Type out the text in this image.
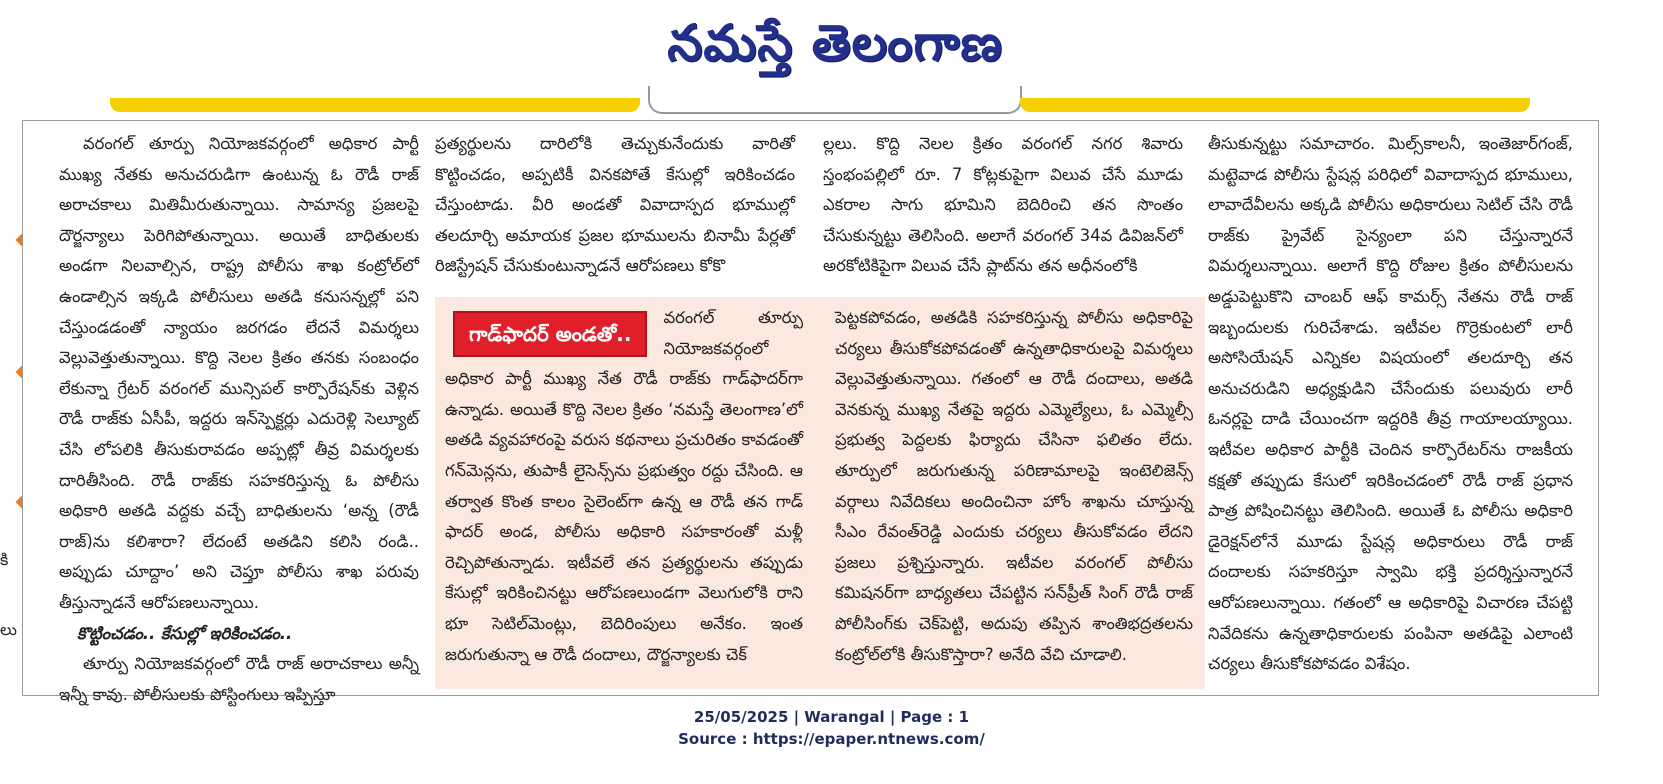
నమస్తే తెలంగాణ
కి
లు

వరంగల్‌ తూర్పు నియోజకవర్గంలో అధికార పార్టీ ముఖ్య నేతకు అనుచరుడిగా ఉంటున్న ఓ రౌడీ రాజ్‌ అరాచకాలు మితిమీరుతున్నాయి. సామాన్య ప్రజలపై దౌర్జన్యాలు పెరిగిపోతున్నాయి. అయితే బాధితులకు అండగా నిలవాల్సిన, రాష్ట్ర పోలీసు శాఖ కంట్రోల్‌లో ఉండాల్సిన ఇక్కడి పోలీసులు అతడి కనుసన్నల్లో పని చేస్తుండడంతో న్యాయం జరగడం లేదనే విమర్శలు వెల్లువెత్తుతున్నాయి. కొద్ది నెలల క్రితం తనకు సంబంధం లేకున్నా గ్రేటర్‌ వరంగల్‌ మున్సిపల్‌ కార్పొరేషన్‌కు వెళ్లిన రౌడీ రాజ్‌కు ఏసీపీ, ఇద్దరు ఇన్‌స్పెక్టర్లు ఎదురెళ్లి సెల్యూట్‌ చేసి లోపలికి తీసుకురావడం అప్పట్లో తీవ్ర విమర్శలకు దారితీసింది. రౌడీ రాజ్‌కు సహకరిస్తున్న ఓ పోలీసు అధికారి అతడి వద్దకు వచ్చే బాధితులను ‘అన్న (రౌడీ రాజ్‌)ను కలిశారా? లేదంటే అతడిని కలిసి రండి.. అప్పుడు చూద్దాం’ అని చెప్తూ పోలీసు శాఖ పరువు తీస్తున్నాడనే ఆరోపణలున్నాయి.

కొట్టించడం.. కేసుల్లో ఇరికించడం..

తూర్పు నియోజకవర్గంలో రౌడీ రాజ్‌ అరాచకాలు అన్నీ ఇన్నీ కావు. పోలీసులకు పోస్టింగులు ఇప్పిస్తూ

ప్రత్యర్థులను దారిలోకి తెచ్చుకునేందుకు వారితో కొట్టించడం, అప్పటికీ వినకపోతే కేసుల్లో ఇరికించడం చేస్తుంటాడు. వీరి అండతో వివాదాస్పద భూముల్లో తలదూర్చి అమాయక ప్రజల భూములను బినామీ పేర్లతో రిజిస్ట్రేషన్‌ చేసుకుంటున్నాడనే ఆరోపణలు కోకొ

ల్లలు. కొద్ది నెలల క్రితం వరంగల్‌ నగర శివారు స్తంభంపల్లిలో రూ. 7 కోట్లకుపైగా విలువ చేసే మూడు ఎకరాల సాగు భూమిని బెదిరించి తన సొంతం చేసుకున్నట్టు తెలిసింది. అలాగే వరంగల్‌ 34వ డివిజన్‌లో అరకోటికిపైగా విలువ చేసే ప్లాట్‌ను తన అధీనంలోకి

తీసుకున్నట్టు సమాచారం. మిల్స్‌కాలనీ, ఇంతెజార్‌గంజ్‌, మట్టెవాడ పోలీసు స్టేషన్ల పరిధిలో వివాదాస్పద భూములు, లావాదేవీలను అక్కడి పోలీసు అధికారులు సెటిల్‌ చేసి రౌడీ రాజ్‌కు ప్రైవేట్‌ సైన్యంలా పని చేస్తున్నారనే విమర్శలున్నాయి. అలాగే కొద్ది రోజుల క్రితం పోలీసులను అడ్డుపెట్టుకొని చాంబర్‌ ఆఫ్‌ కామర్స్‌ నేతను రౌడీ రాజ్‌ ఇబ్బందులకు గురిచేశాడు. ఇటీవల గొర్రెకుంటలో లారీ అసోసియేషన్‌ ఎన్నికల విషయంలో తలదూర్చి తన అనుచరుడిని అధ్యక్షుడిని చేసేందుకు పలువురు లారీ ఓనర్లపై దాడి చేయించగా ఇద్దరికి తీవ్ర గాయాలయ్యాయి. ఇటీవల అధికార పార్టీకి చెందిన కార్పొరేటర్‌ను రాజకీయ కక్షతో తప్పుడు కేసులో ఇరికించడంలో రౌడీ రాజ్‌ ప్రధాన పాత్ర పోషించినట్టు తెలిసింది. అయితే ఓ పోలీసు అధికారి డైరెక్షన్‌లోనే మూడు స్టేషన్ల అధికారులు రౌడీ రాజ్‌ దందాలకు సహకరిస్తూ స్వామి భక్తి ప్రదర్శిస్తున్నారనే ఆరోపణలున్నాయి. గతంలో ఆ అధికారిపై విచారణ చేపట్టి నివేదికను ఉన్నతాధికారులకు పంపినా అతడిపై ఎలాంటి చర్యలు తీసుకోకపోవడం విశేషం.

గాడ్‌ఫాదర్‌ అండతో..

వరంగల్‌ తూర్పు నియోజకవర్గంలో అధికార పార్టీ ముఖ్య నేత రౌడీ రాజ్‌కు గాడ్‌ఫాదర్‌గా ఉన్నాడు. అయితే కొద్ది నెలల క్రితం ‘నమస్తే తెలంగాణ’లో అతడి వ్యవహారంపై వరుస కథనాలు ప్రచురితం కావడంతో గన్‌మెన్లను, తుపాకీ లైసెన్స్‌ను ప్రభుత్వం రద్దు చేసింది. ఆ తర్వాత కొంత కాలం సైలెంట్‌గా ఉన్న ఆ రౌడీ తన గాడ్‌ ఫాదర్‌ అండ, పోలీసు అధికారి సహకారంతో మళ్లీ రెచ్చిపోతున్నాడు. ఇటీవలే తన ప్రత్యర్థులను తప్పుడు కేసుల్లో ఇరికించినట్టు ఆరోపణలుండగా వెలుగులోకి రాని భూ సెటిల్‌మెంట్లు, బెదిరింపులు అనేకం. ఇంత జరుగుతున్నా ఆ రౌడీ దందాలు, దౌర్జన్యాలకు చెక్‌

పెట్టకపోవడం, అతడికి సహకరిస్తున్న పోలీసు అధికారిపై చర్యలు తీసుకోకపోవడంతో ఉన్నతాధికారులపై విమర్శలు వెల్లువెత్తుతున్నాయి. గతంలో ఆ రౌడీ దందాలు, అతడి వెనకున్న ముఖ్య నేతపై ఇద్దరు ఎమ్మెల్యేలు, ఓ ఎమ్మెల్సీ ప్రభుత్వ పెద్దలకు ఫిర్యాదు చేసినా ఫలితం లేదు. తూర్పులో జరుగుతున్న పరిణామాలపై ఇంటెలిజెన్స్‌ వర్గాలు నివేదికలు అందించినా హోం శాఖను చూస్తున్న సీఎం రేవంత్‌రెడ్డి ఎందుకు చర్యలు తీసుకోవడం లేదని ప్రజలు ప్రశ్నిస్తున్నారు. ఇటీవల వరంగల్‌ పోలీసు కమిషనర్‌గా బాధ్యతలు చేపట్టిన సన్‌ప్రీత్‌ సింగ్‌ రౌడీ రాజ్‌ పోలీసింగ్‌కు చెక్‌పెట్టి, అదుపు తప్పిన శాంతిభద్రతలను కంట్రోల్‌లోకి తీసుకొస్తారా? అనేది వేచి చూడాలి.

25/05/2025 | Warangal | Page : 1
Source : https://epaper.ntnews.com/
